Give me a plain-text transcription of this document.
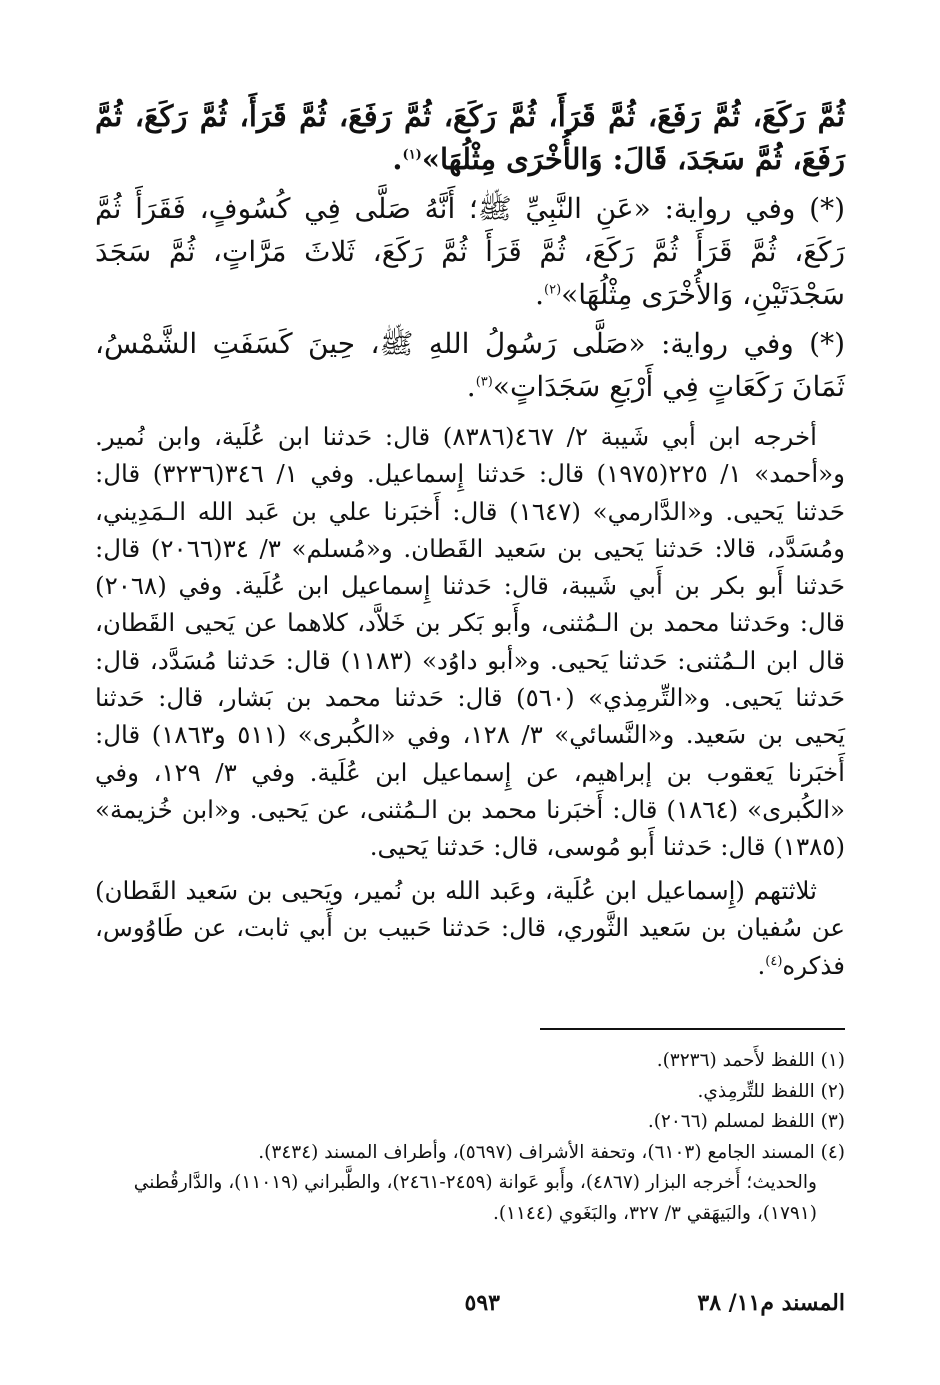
ثُمَّ رَكَعَ، ثُمَّ رَفَعَ، ثُمَّ قَرَأَ، ثُمَّ رَكَعَ، ثُمَّ رَفَعَ، ثُمَّ قَرَأَ، ثُمَّ رَكَعَ، ثُمَّ رَفَعَ، ثُمَّ سَجَدَ، قَالَ: وَالأُخْرَى مِثْلُهَا»$^{(١)}$.

(*) وفي رواية: «عَنِ النَّبِيِّ ﷺ؛ أَنَّهُ صَلَّى فِي كُسُوفٍ، فَقَرَأَ ثُمَّ رَكَعَ، ثُمَّ قَرَأَ ثُمَّ رَكَعَ، ثُمَّ قَرَأَ ثُمَّ رَكَعَ، ثَلاثَ مَرَّاتٍ، ثُمَّ سَجَدَ سَجْدَتَيْنِ، وَالأُخْرَى مِثْلُهَا»$^{(٢)}$.

(*) وفي رواية: «صَلَّى رَسُولُ اللهِ ﷺ، حِينَ كَسَفَتِ الشَّمْسُ، ثَمَانَ رَكَعَاتٍ فِي أَرْبَعِ سَجَدَاتٍ»$^{(٣)}$.

أخرجه ابن أبي شَيبة ٢/ ٤٦٧(٨٣٨٦) قال: حَدثنا ابن عُلَية، وابن نُمير. و«أحمد» ١/ ٢٢٥(١٩٧٥) قال: حَدثنا إِسماعيل. وفي ١/ ٣٤٦(٣٢٣٦) قال: حَدثنا يَحيى. و«الدَّارمي» (١٦٤٧) قال: أَخبَرنا علي بن عَبد الله الـمَدِيني، ومُسَدَّد، قالا: حَدثنا يَحيى بن سَعيد القَطان. و«مُسلم» ٣/ ٣٤(٢٠٦٦) قال: حَدثنا أَبو بكر بن أَبي شَيبة، قال: حَدثنا إِسماعيل ابن عُلَية. وفي (٢٠٦٨) قال: وحَدثنا محمد بن الـمُثنى، وأَبو بَكر بن خَلاَّد، كلاهما عن يَحيى القَطان، قال ابن الـمُثنى: حَدثنا يَحيى. و«أبو داوُد» (١١٨٣) قال: حَدثنا مُسَدَّد، قال: حَدثنا يَحيى. و«التِّرمِذي» (٥٦٠) قال: حَدثنا محمد بن بَشار، قال: حَدثنا يَحيى بن سَعيد. و«النَّسائي» ٣/ ١٢٨، وفي «الكُبرى» (٥١١ و١٨٦٣) قال: أَخبَرنا يَعقوب بن إبراهيم، عن إِسماعيل ابن عُلَية. وفي ٣/ ١٢٩، وفي «الكُبرى» (١٨٦٤) قال: أَخبَرنا محمد بن الـمُثنى، عن يَحيى. و«ابن خُزيمة» (١٣٨٥) قال: حَدثنا أَبو مُوسى، قال: حَدثنا يَحيى.

ثلاثتهم (إِسماعيل ابن عُلَية، وعَبد الله بن نُمير، ويَحيى بن سَعيد القَطان) عن سُفيان بن سَعيد الثَّوري، قال: حَدثنا حَبيب بن أَبي ثابت، عن طَاوُوس، فذكره$^{(٤)}$.

(١) اللفظ لأَحمد (٣٢٣٦).

(٢) اللفظ للتِّرمِذي.

(٣) اللفظ لمسلم (٢٠٦٦).

(٤) المسند الجامع (٦١٠٣)، وتحفة الأشراف (٥٦٩٧)، وأطراف المسند (٣٤٣٤).

والحديث؛ أَخرجه البزار (٤٨٦٧)، وأَبو عَوانة (٢٤٥٩-٢٤٦١)، والطَّبراني (١١٠١٩)، والدَّارقُطني (١٧٩١)، والبَيهَقي ٣/ ٣٢٧، والبَغَوي (١١٤٤).

المسند م١١/ ٣٨
٥٩٣
